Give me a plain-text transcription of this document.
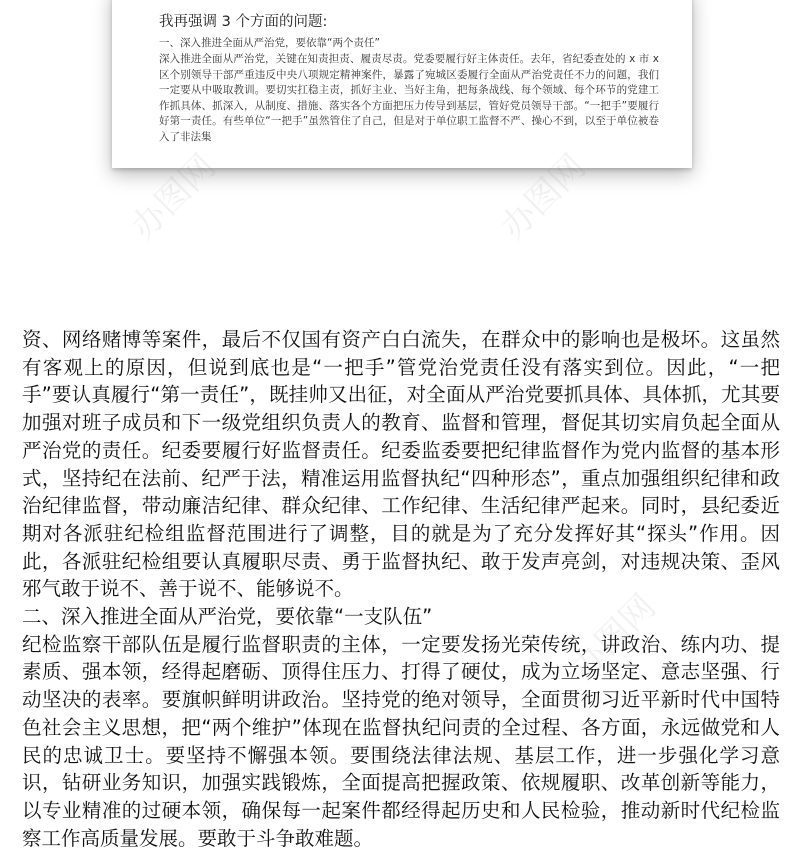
我再强调 3 个方面的问题:
一、深入推进全面从严治党，要依靠“两个责任”
深入推进全面从严治党，关键在知责担责、履责尽责。党委要履行好主体责任。去年，省纪委查处的 x 市 x 区个别领导干部严重违反中央八项规定精神案件，暴露了宛城区委履行全面从严治党责任不力的问题，我们一定要从中吸取教训。要切实扛稳主责，抓好主业、当好主角，把每条战线、每个领域、每个环节的党建工作抓具体、抓深入，从制度、措施、落实各个方面把压力传导到基层，管好党员领导干部。“一把手”要履行好第一责任。有些单位“一把手”虽然管住了自己，但是对于单位职工监督不严、操心不到，以至于单位被卷入了非法集
办图网	办图网
办图网

资、网络赌博等案件，最后不仅国有资产白白流失，在群众中的影响也是极坏。这虽然有客观上的原因，但说到底也是“一把手”管党治党责任没有落实到位。因此，“一把手”要认真履行“第一责任”，既挂帅又出征，对全面从严治党要抓具体、具体抓，尤其要加强对班子成员和下一级党组织负责人的教育、监督和管理，督促其切实肩负起全面从严治党的责任。纪委要履行好监督责任。纪委监委要把纪律监督作为党内监督的基本形式，坚持纪在法前、纪严于法，精准运用监督执纪“四种形态”，重点加强组织纪律和政治纪律监督，带动廉洁纪律、群众纪律、工作纪律、生活纪律严起来。同时，县纪委近期对各派驻纪检组监督范围进行了调整，目的就是为了充分发挥好其“探头”作用。因此，各派驻纪检组要认真履职尽责、勇于监督执纪、敢于发声亮剑，对违规决策、歪风邪气敢于说不、善于说不、能够说不。

二、深入推进全面从严治党，要依靠“一支队伍”

纪检监察干部队伍是履行监督职责的主体，一定要发扬光荣传统，讲政治、练内功、提素质、强本领，经得起磨砺、顶得住压力、打得了硬仗，成为立场坚定、意志坚强、行动坚决的表率。要旗帜鲜明讲政治。坚持党的绝对领导，全面贯彻习近平新时代中国特色社会主义思想，把“两个维护”体现在监督执纪问责的全过程、各方面，永远做党和人民的忠诚卫士。要坚持不懈强本领。要围绕法律法规、基层工作，进一步强化学习意识，钻研业务知识，加强实践锻炼，全面提高把握政策、依规履职、改革创新等能力，以专业精准的过硬本领，确保每一起案件都经得起历史和人民检验，推动新时代纪检监察工作高质量发展。要敢于斗争敢难题。
